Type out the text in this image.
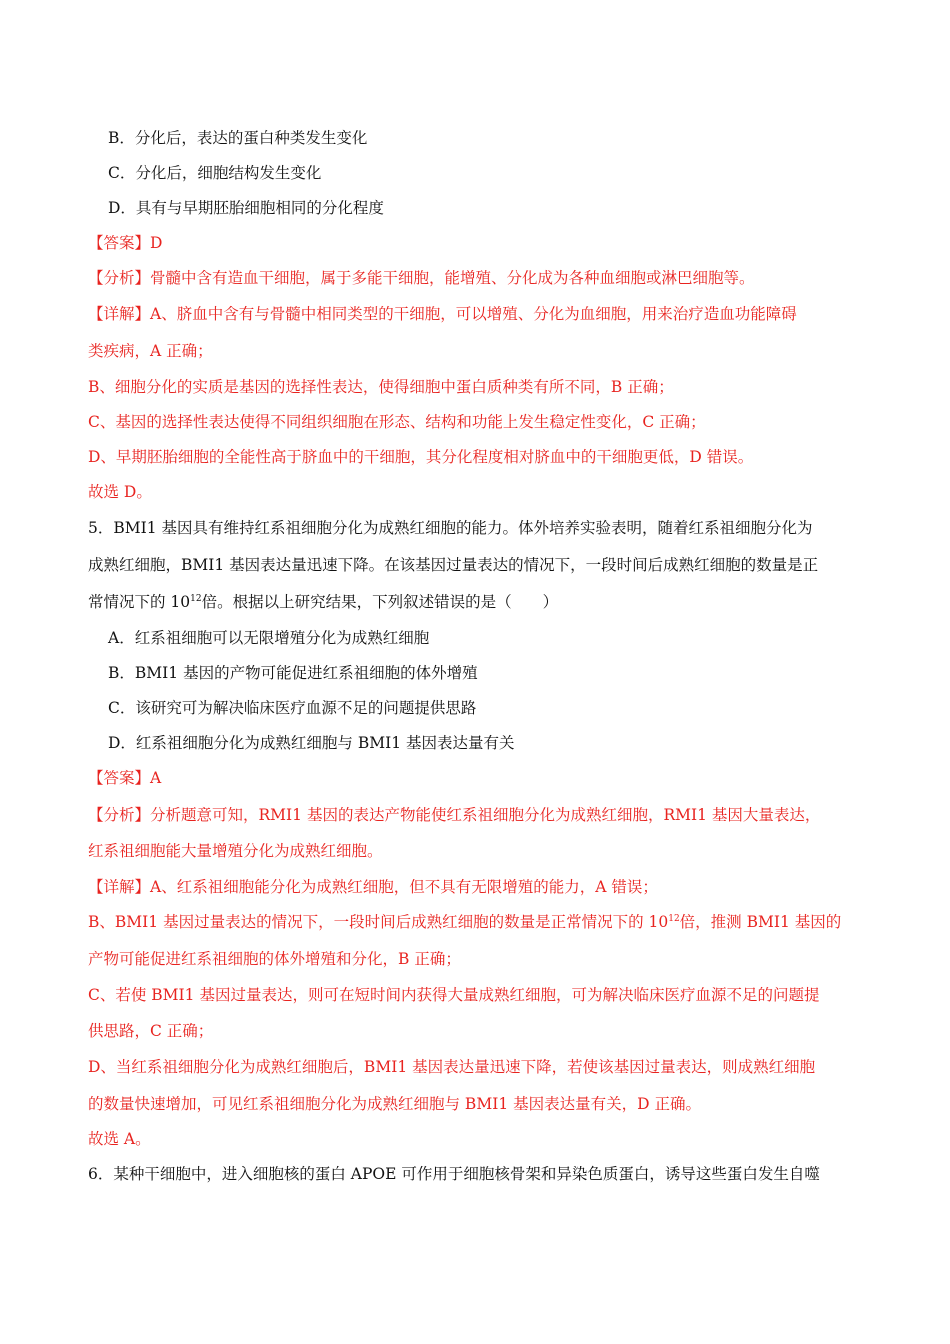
B．分化后，表达的蛋白种类发生变化
C．分化后，细胞结构发生变化
D．具有与早期胚胎细胞相同的分化程度
【答案】D
【分析】骨髓中含有造血干细胞，属于多能干细胞，能增殖、分化成为各种血细胞或淋巴细胞等。
【详解】A、脐血中含有与骨髓中相同类型的干细胞，可以增殖、分化为血细胞，用来治疗造血功能障碍
类疾病，A 正确；
B、细胞分化的实质是基因的选择性表达，使得细胞中蛋白质种类有所不同，B 正确；
C、基因的选择性表达使得不同组织细胞在形态、结构和功能上发生稳定性变化，C 正确；
D、早期胚胎细胞的全能性高于脐血中的干细胞，其分化程度相对脐血中的干细胞更低，D 错误。
故选 D。
5．BMI1 基因具有维持红系祖细胞分化为成熟红细胞的能力。体外培养实验表明，随着红系祖细胞分化为
成熟红细胞，BMI1 基因表达量迅速下降。在该基因过量表达的情况下，一段时间后成熟红细胞的数量是正
常情况下的 $10^{12}$倍。根据以上研究结果，下列叙述错误的是（　　）
A．红系祖细胞可以无限增殖分化为成熟红细胞
B．BMI1 基因的产物可能促进红系祖细胞的体外增殖
C．该研究可为解决临床医疗血源不足的问题提供思路
D．红系祖细胞分化为成熟红细胞与 BMI1 基因表达量有关
【答案】A
【分析】分析题意可知，RMI1 基因的表达产物能使红系祖细胞分化为成熟红细胞，RMI1 基因大量表达，
红系祖细胞能大量增殖分化为成熟红细胞。
【详解】A、红系祖细胞能分化为成熟红细胞，但不具有无限增殖的能力，A 错误；
B、BMI1 基因过量表达的情况下，一段时间后成熟红细胞的数量是正常情况下的 $10^{12}$倍，推测 BMI1 基因的
产物可能促进红系祖细胞的体外增殖和分化，B 正确；
C、若使 BMI1 基因过量表达，则可在短时间内获得大量成熟红细胞，可为解决临床医疗血源不足的问题提
供思路，C 正确；
D、当红系祖细胞分化为成熟红细胞后，BMI1 基因表达量迅速下降，若使该基因过量表达，则成熟红细胞
的数量快速增加，可见红系祖细胞分化为成熟红细胞与 BMI1 基因表达量有关，D 正确。
故选 A。
6．某种干细胞中，进入细胞核的蛋白 APOE 可作用于细胞核骨架和异染色质蛋白，诱导这些蛋白发生自噬
